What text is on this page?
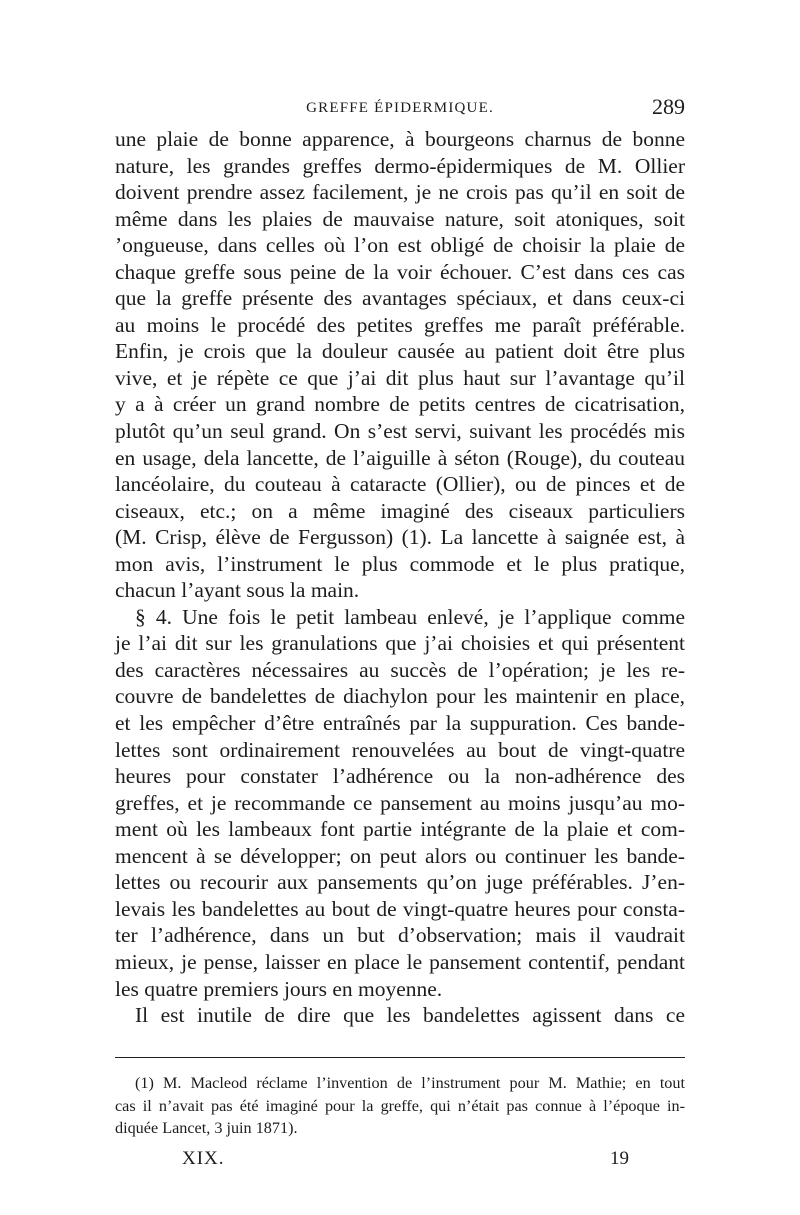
GREFFE ÉPIDERMIQUE.	289
une plaie de bonne apparence, à bourgeons charnus de bonne
nature, les grandes greffes dermo-épidermiques de M. Ollier
doivent prendre assez facilement, je ne crois pas qu’il en soit de
même dans les plaies de mauvaise nature, soit atoniques, soit
’ongueuse, dans celles où l’on est obligé de choisir la plaie de
chaque greffe sous peine de la voir échouer. C’est dans ces cas
que la greffe présente des avantages spéciaux, et dans ceux-ci
au moins le procédé des petites greffes me paraît préférable.
Enfin, je crois que la douleur causée au patient doit être plus
vive, et je répète ce que j’ai dit plus haut sur l’avantage qu’il
y a à créer un grand nombre de petits centres de cicatrisation,
plutôt qu’un seul grand. On s’est servi, suivant les procédés mis
en usage, dela lancette, de l’aiguille à séton (Rouge), du couteau
lancéolaire, du couteau à cataracte (Ollier), ou de pinces et de
ciseaux, etc.; on a même imaginé des ciseaux particuliers
(M. Crisp, élève de Fergusson) (1). La lancette à saignée est, à
mon avis, l’instrument le plus commode et le plus pratique,
chacun l’ayant sous la main.
§ 4. Une fois le petit lambeau enlevé, je l’applique comme
je l’ai dit sur les granulations que j’ai choisies et qui présentent
des caractères nécessaires au succès de l’opération; je les re-
couvre de bandelettes de diachylon pour les maintenir en place,
et les empêcher d’être entraînés par la suppuration. Ces bande-
lettes sont ordinairement renouvelées au bout de vingt-quatre
heures pour constater l’adhérence ou la non-adhérence des
greffes, et je recommande ce pansement au moins jusqu’au mo-
ment où les lambeaux font partie intégrante de la plaie et com-
mencent à se développer; on peut alors ou continuer les bande-
lettes ou recourir aux pansements qu’on juge préférables. J’en-
levais les bandelettes au bout de vingt-quatre heures pour consta-
ter l’adhérence, dans un but d’observation; mais il vaudrait
mieux, je pense, laisser en place le pansement contentif, pendant
les quatre premiers jours en moyenne.
Il est inutile de dire que les bandelettes agissent dans ce
(1) M. Macleod réclame l’invention de l’instrument pour M. Mathie; en tout
cas il n’avait pas été imaginé pour la greffe, qui n’était pas connue à l’époque in-
diquée Lancet, 3 juin 1871).
XIX.	19
